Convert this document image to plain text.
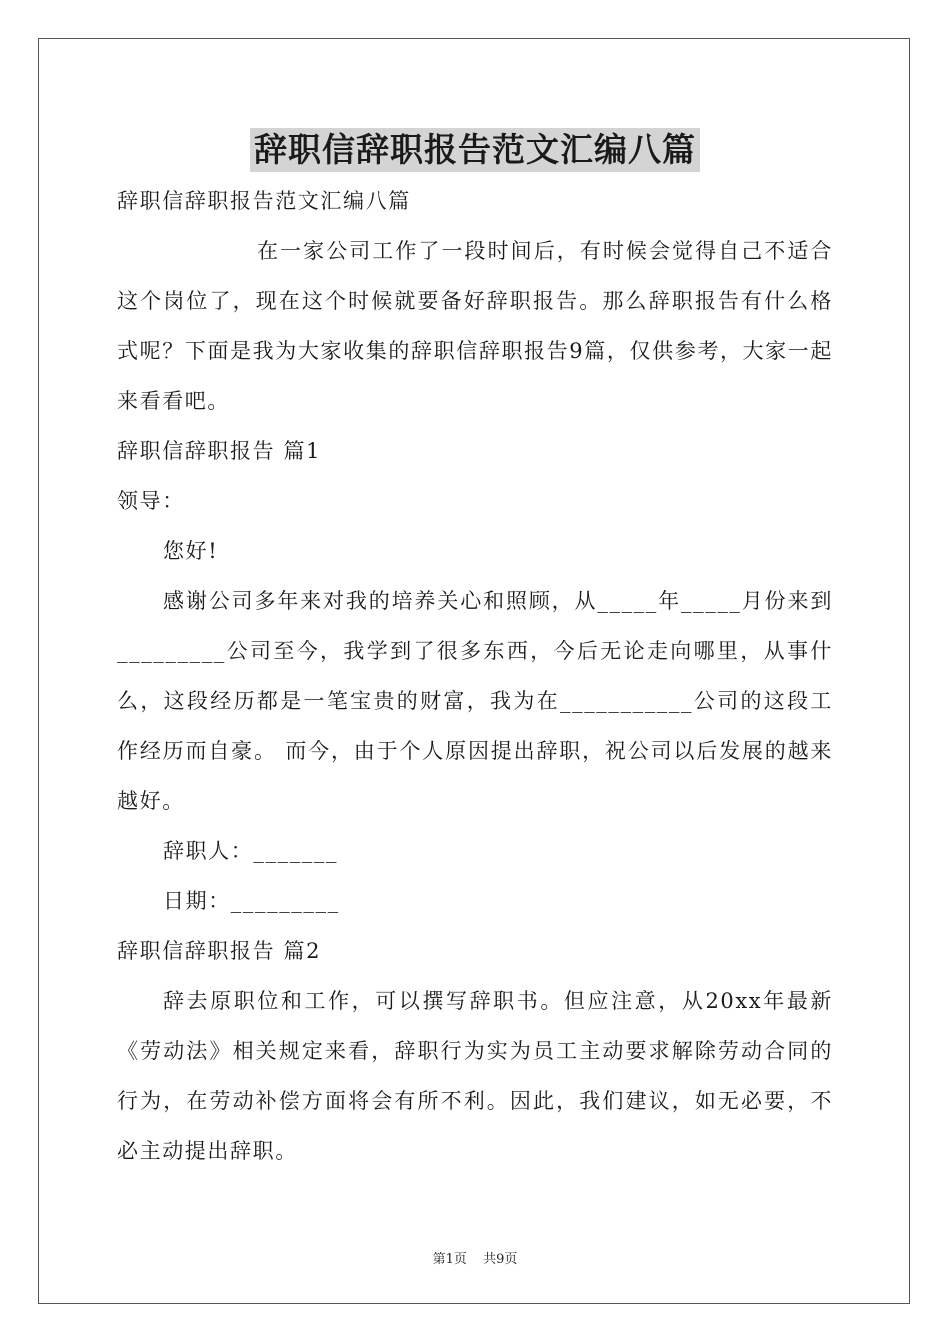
辞职信辞职报告范文汇编八篇

辞职信辞职报告范文汇编八篇

在一家公司工作了一段时间后，有时候会觉得自己不适合这个岗位了，现在这个时候就要备好辞职报告。那么辞职报告有什么格式呢？下面是我为大家收集的辞职信辞职报告9篇，仅供参考，大家一起来看看吧。

辞职信辞职报告 篇1

领导：

您好!

感谢公司多年来对我的培养关心和照顾，从_____年_____月份来到_________公司至今，我学到了很多东西，今后无论走向哪里，从事什么，这段经历都是一笔宝贵的财富，我为在___________公司的这段工作经历而自豪。 而今，由于个人原因提出辞职，祝公司以后发展的越来越好。

辞职人：_______

日期：_________

辞职信辞职报告 篇2

辞去原职位和工作，可以撰写辞职书。但应注意，从20xx年最新《劳动法》相关规定来看，辞职行为实为员工主动要求解除劳动合同的行为，在劳动补偿方面将会有所不利。因此，我们建议，如无必要，不必主动提出辞职。

第1页 共9页
